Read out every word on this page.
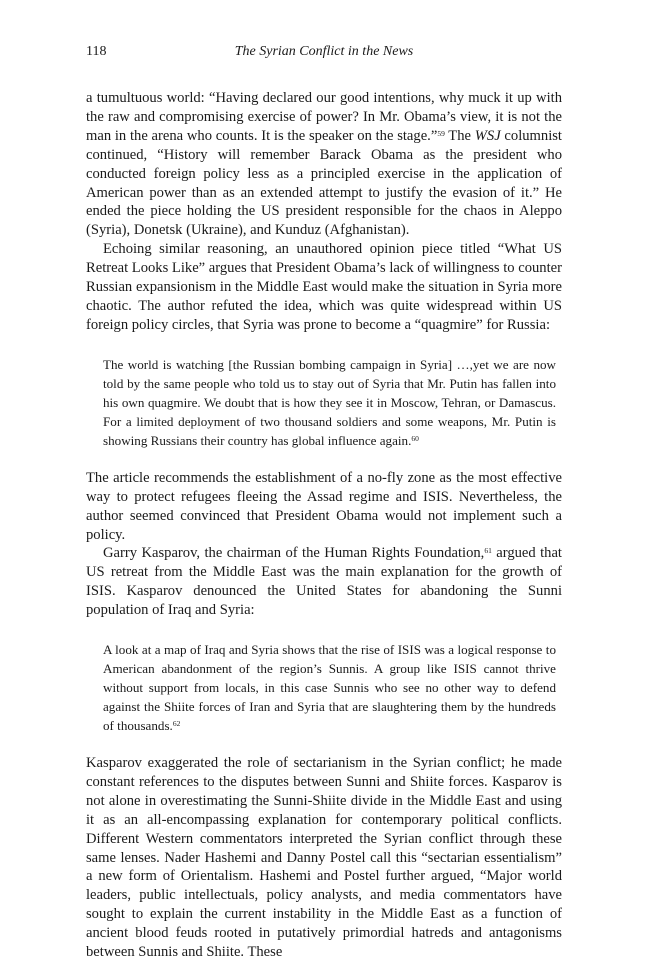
118	The Syrian Conflict in the News

a tumultuous world: “Having declared our good intentions, why muck it up with the raw and compromising exercise of power? In Mr. Obama’s view, it is not the man in the arena who counts. It is the speaker on the stage.”$^{59}$ The WSJ columnist continued, “History will remember Barack Obama as the president who conducted foreign policy less as a principled exercise in the application of American power than as an extended attempt to justify the evasion of it.” He ended the piece holding the US president responsible for the chaos in Aleppo (Syria), Donetsk (Ukraine), and Kunduz (Afghanistan).

Echoing similar reasoning, an unauthored opinion piece titled “What US Retreat Looks Like” argues that President Obama’s lack of willingness to counter Russian expansionism in the Middle East would make the situation in Syria more chaotic. The author refuted the idea, which was quite widespread within US foreign policy circles, that Syria was prone to become a “quagmire” for Russia:

The world is watching [the Russian bombing campaign in Syria] …,yet we are now told by the same people who told us to stay out of Syria that Mr. Putin has fallen into his own quagmire. We doubt that is how they see it in Moscow, Tehran, or Damascus. For a limited deployment of two thousand soldiers and some weapons, Mr. Putin is showing Russians their country has global influence again.$^{60}$

The article recommends the establishment of a no-fly zone as the most effective way to protect refugees fleeing the Assad regime and ISIS. Nevertheless, the author seemed convinced that President Obama would not implement such a policy.

Garry Kasparov, the chairman of the Human Rights Foundation,$^{61}$ argued that US retreat from the Middle East was the main explanation for the growth of ISIS. Kasparov denounced the United States for abandoning the Sunni population of Iraq and Syria:

A look at a map of Iraq and Syria shows that the rise of ISIS was a logical response to American abandonment of the region’s Sunnis. A group like ISIS cannot thrive without support from locals, in this case Sunnis who see no other way to defend against the Shiite forces of Iran and Syria that are slaughtering them by the hundreds of thousands.$^{62}$

Kasparov exaggerated the role of sectarianism in the Syrian conflict; he made constant references to the disputes between Sunni and Shiite forces. Kasparov is not alone in overestimating the Sunni-Shiite divide in the Middle East and using it as an all-encompassing explanation for contemporary political conflicts. Different Western commentators interpreted the Syrian conflict through these same lenses. Nader Hashemi and Danny Postel call this “sectarian essentialism” a new form of Orientalism. Hashemi and Postel further argued, “Major world leaders, public intellectuals, policy analysts, and media commentators have sought to explain the current instability in the Middle East as a function of ancient blood feuds rooted in putatively primordial hatreds and antagonisms between Sunnis and Shiite. These
